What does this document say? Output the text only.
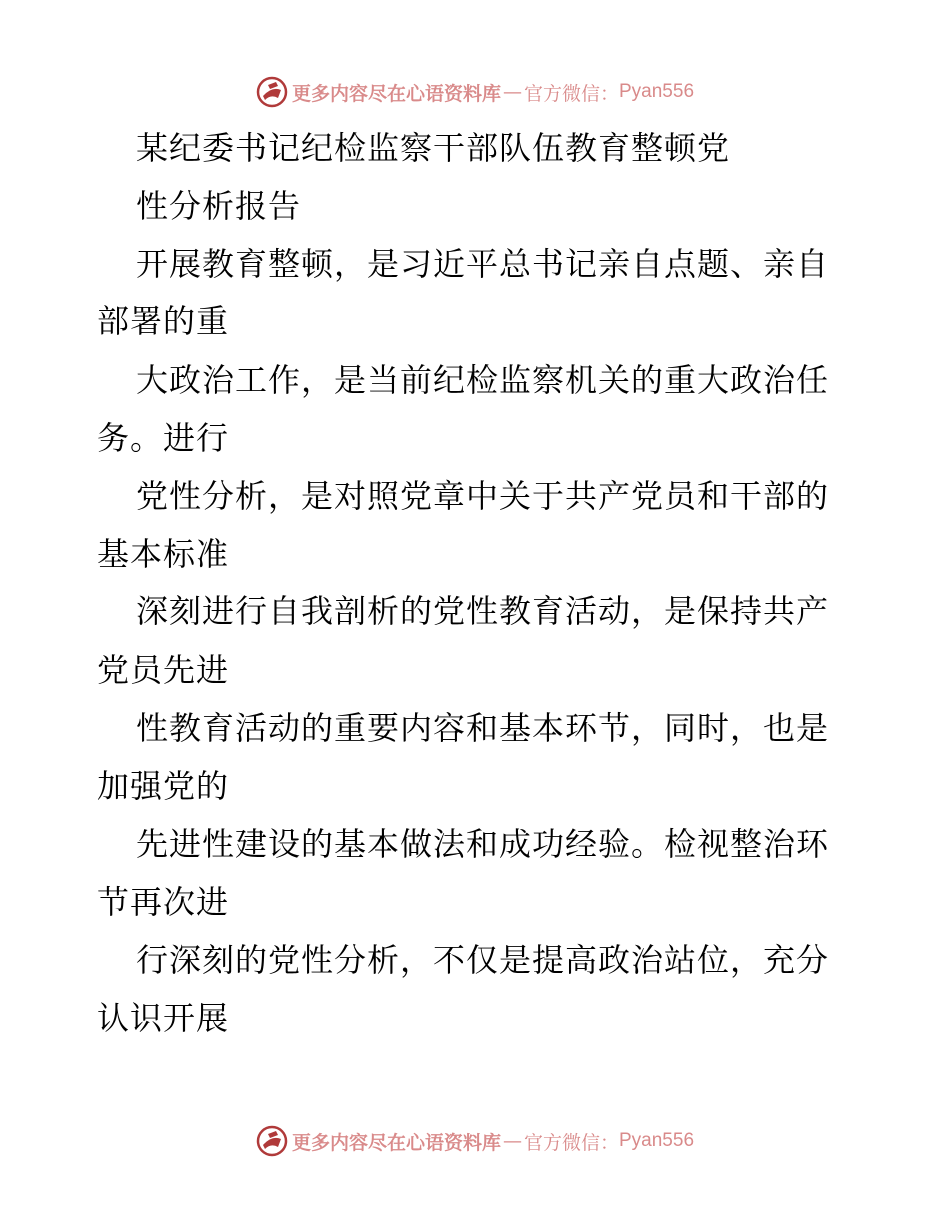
更多内容尽在心语资料库 — 官方微信： Pyan556
某纪委书记纪检监察干部队伍教育整顿党
性分析报告
开展教育整顿，是习近平总书记亲自点题、亲自
部署的重
大政治工作，是当前纪检监察机关的重大政治任
务。进行
党性分析，是对照党章中关于共产党员和干部的
基本标准
深刻进行自我剖析的党性教育活动，是保持共产
党员先进
性教育活动的重要内容和基本环节，同时，也是
加强党的
先进性建设的基本做法和成功经验。检视整治环
节再次进
行深刻的党性分析，不仅是提高政治站位，充分
认识开展
更多内容尽在心语资料库 — 官方微信： Pyan556
